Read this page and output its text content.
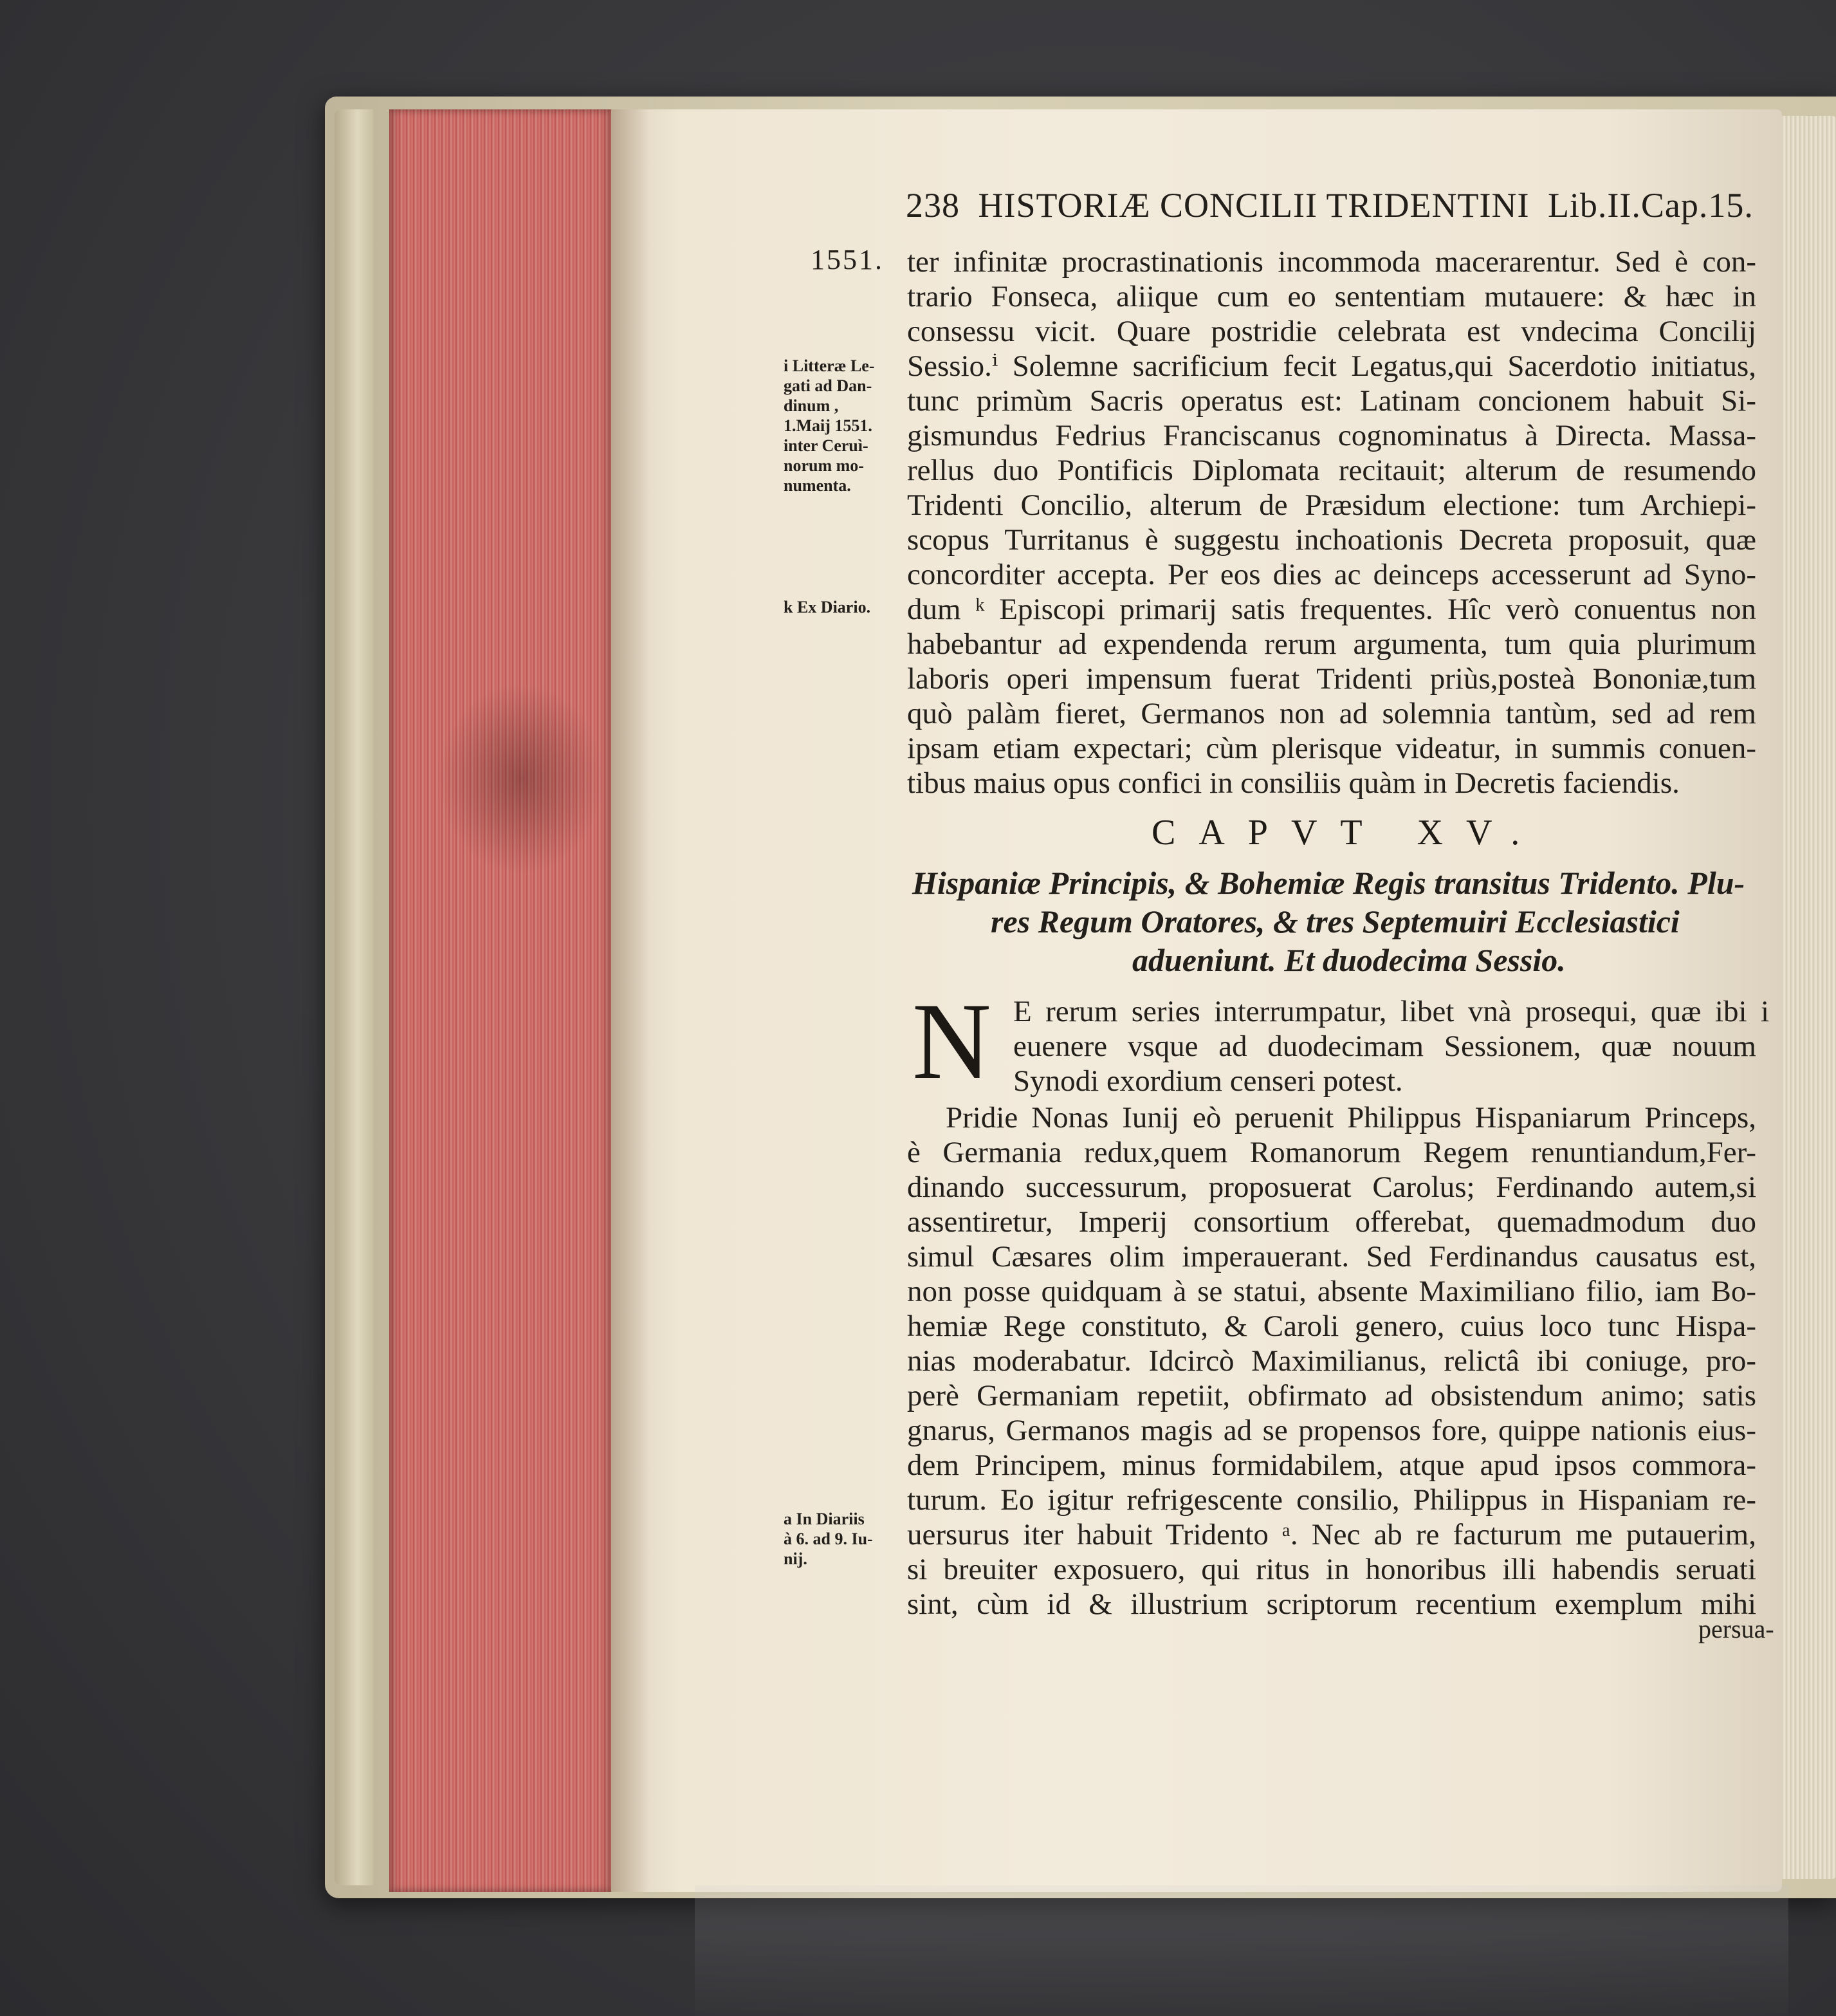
238 HISTORIÆ CONCILII TRIDENTINI Lib.II.Cap.15.
1551. ter infinitæ procrastinationis incommoda macerarentur. Sed è con-
trario Fonseca, aliique cum eo sententiam mutauere: & hæc in
consessu vicit. Quare postridie celebrata est vndecima Concilij
Sessio.ⁱ Solemne sacrificium fecit Legatus,qui Sacerdotio initiatus,
tunc primùm Sacris operatus est: Latinam concionem habuit Si-
gismundus Fedrius Franciscanus cognominatus à Directa. Massa-
rellus duo Pontificis Diplomata recitauit; alterum de resumendo
Tridenti Concilio, alterum de Præsidum electione: tum Archiepi-
scopus Turritanus è suggestu inchoationis Decreta proposuit, quæ
concorditer accepta. Per eos dies ac deinceps accesserunt ad Syno-
dum ᵏ Episcopi primarij satis frequentes. Hîc verò conuentus non
habebantur ad expendenda rerum argumenta, tum quia plurimum
laboris operi impensum fuerat Tridenti priùs,posteà Bononiæ,tum
quò palàm fieret, Germanos non ad solemnia tantùm, sed ad rem
ipsam etiam expectari; cùm plerisque videatur, in summis conuen-
tibus maius opus confici in consiliis quàm in Decretis faciendis.
i Litteræ Le-
gati ad Dan-
dinum ,
1.Maij 1551.
inter Ceruì-
norum mo-
numenta.
k Ex Diario.
a In Diariis
à 6. ad 9. Iu-
nij.
CAPVT XV.
Hispaniæ Principis, & Bohemiæ Regis transitus Tridento. Plu-
res Regum Oratores, & tres Septemuiri Ecclesiastici
adueniunt. Et duodecima Sessio.
N E rerum series interrumpatur, libet vnà prosequi, quæ ibi i
euenere vsque ad duodecimam Sessionem, quæ nouum
Synodi exordium censeri potest.
Pridie Nonas Iunij eò peruenit Philippus Hispaniarum Princeps,
è Germania redux,quem Romanorum Regem renuntiandum,Fer-
dinando successurum, proposuerat Carolus; Ferdinando autem,si
assentiretur, Imperij consortium offerebat, quemadmodum duo
simul Cæsares olim imperauerant. Sed Ferdinandus causatus est,
non posse quidquam à se statui, absente Maximiliano filio, iam Bo-
hemiæ Rege constituto, & Caroli genero, cuius loco tunc Hispa-
nias moderabatur. Idcircò Maximilianus, relictâ ibi coniuge, pro-
perè Germaniam repetiit, obfirmato ad obsistendum animo; satis
gnarus, Germanos magis ad se propensos fore, quippe nationis eius-
dem Principem, minus formidabilem, atque apud ipsos commora-
turum. Eo igitur refrigescente consilio, Philippus in Hispaniam re-
uersurus iter habuit Tridento ᵃ. Nec ab re facturum me putauerim,
si breuiter exposuero, qui ritus in honoribus illi habendis seruati
sint, cùm id & illustrium scriptorum recentium exemplum mihi
persua-
